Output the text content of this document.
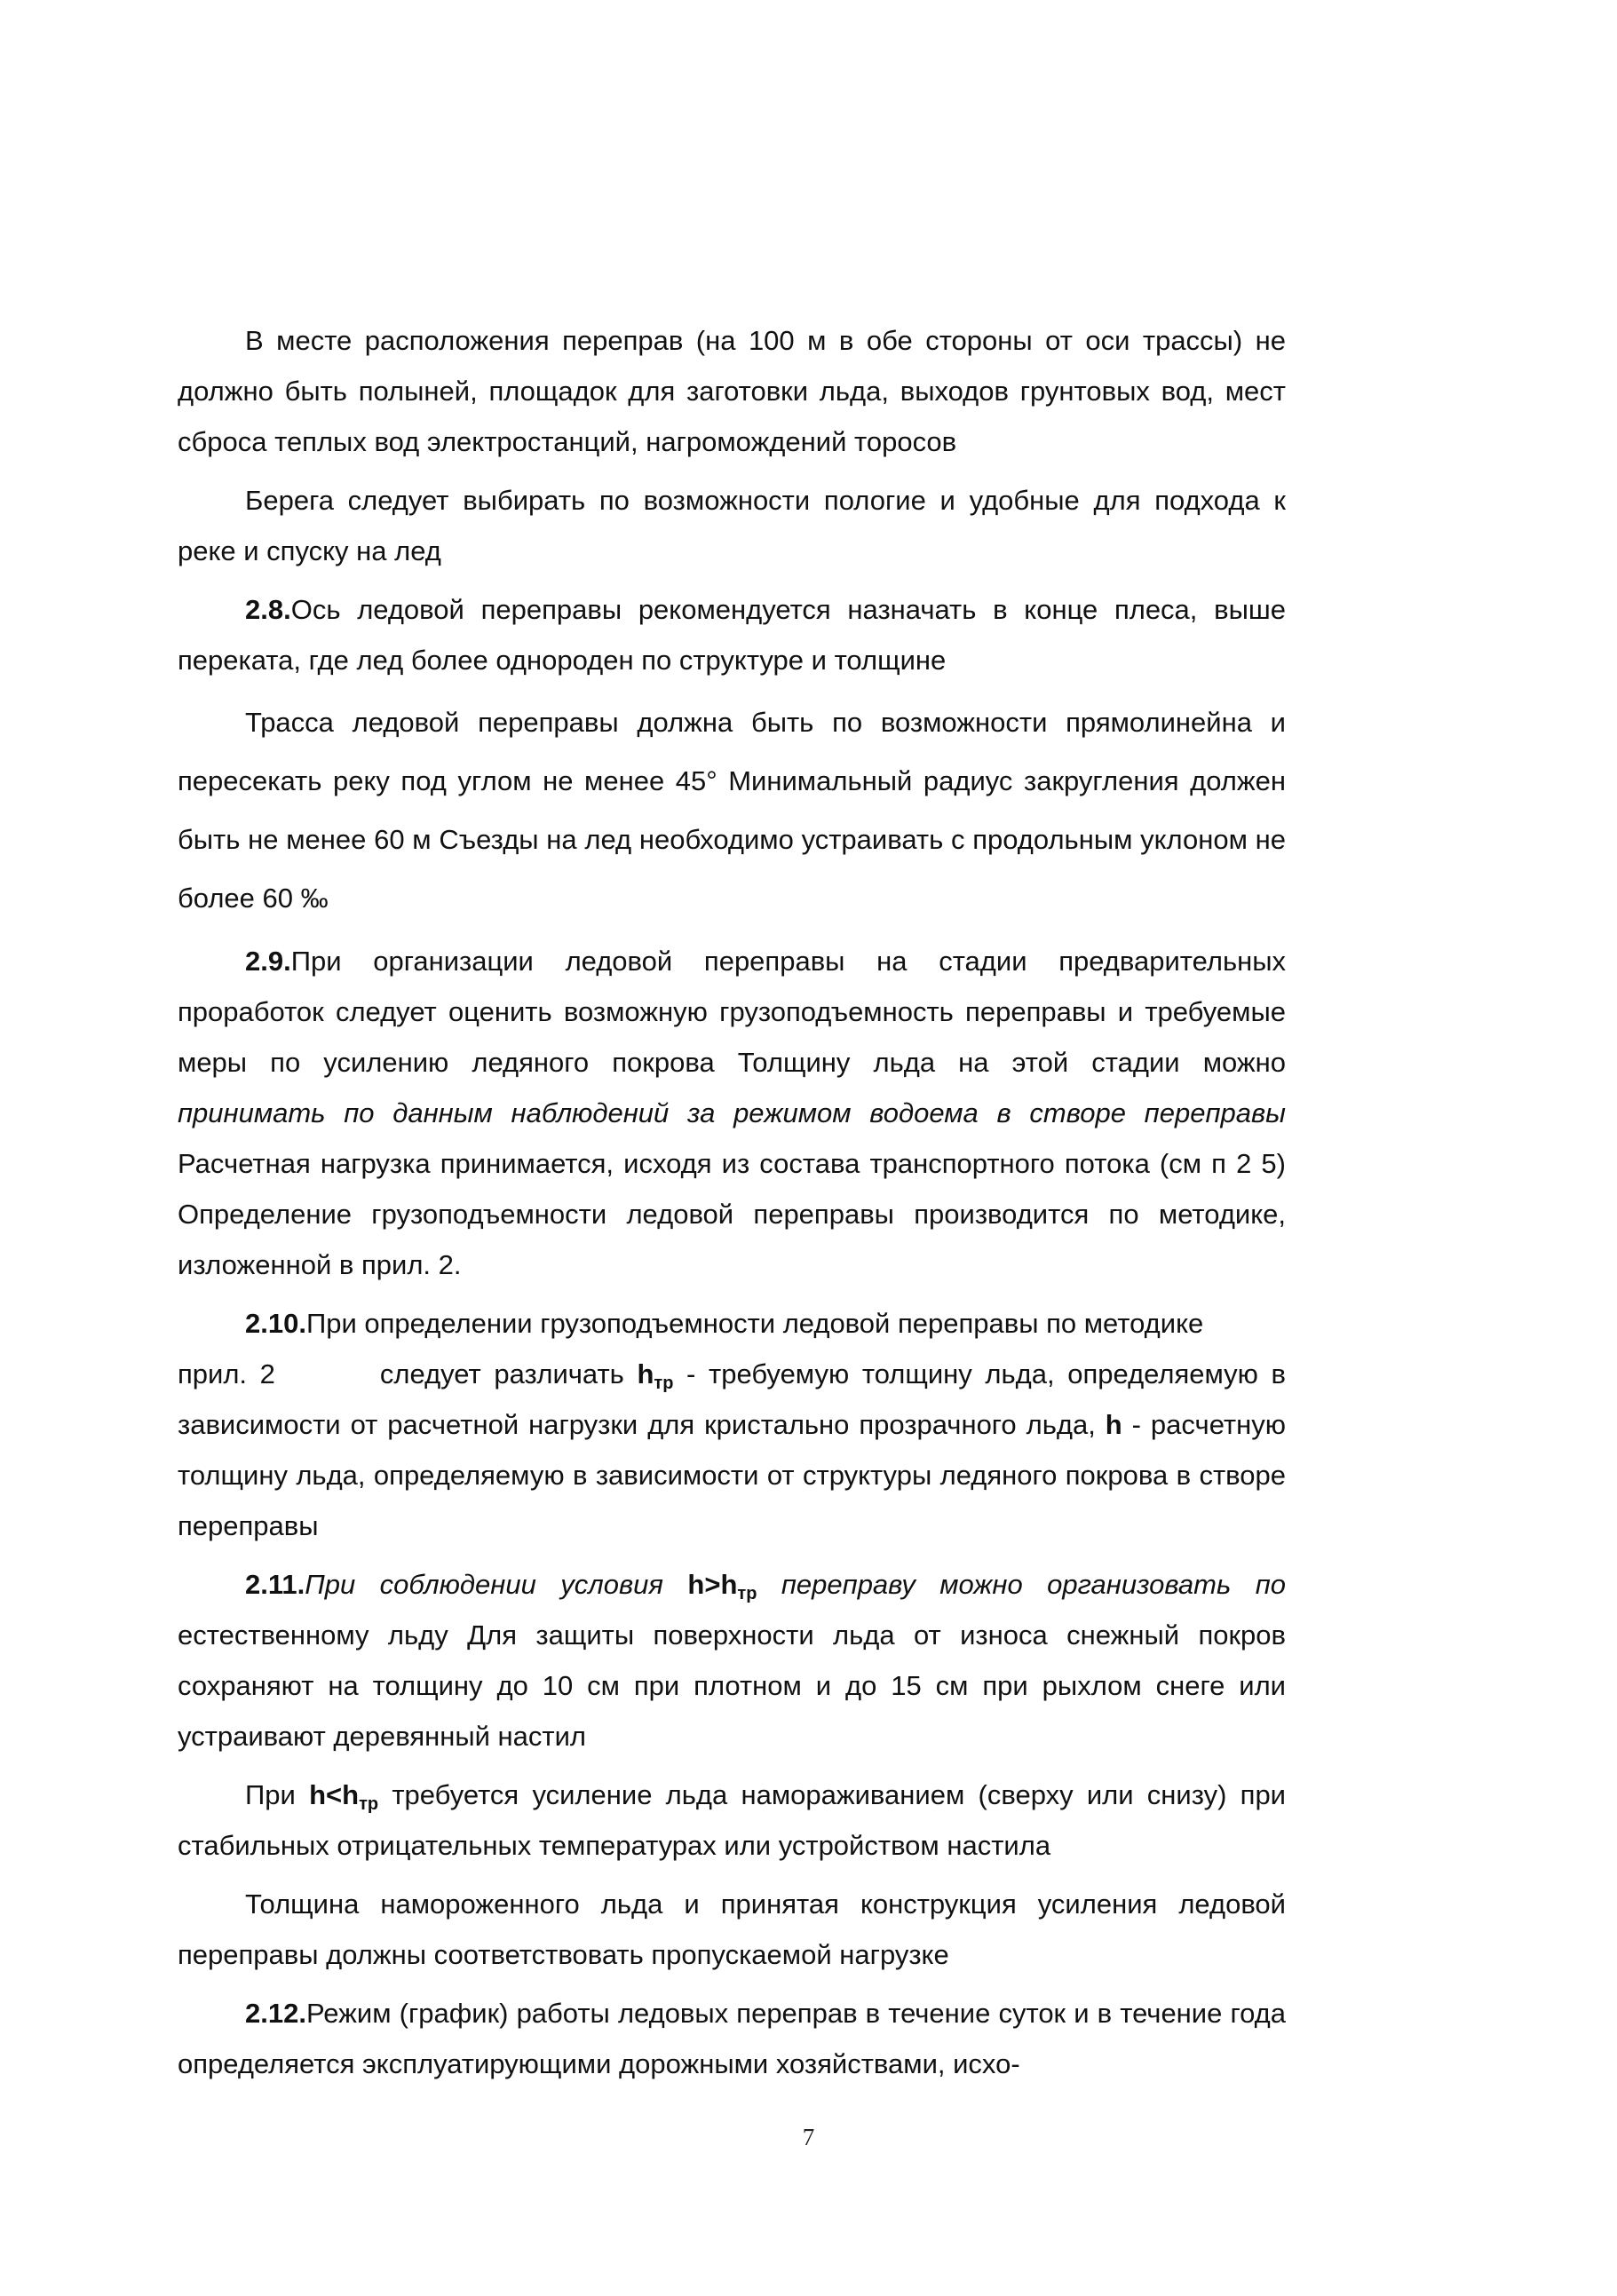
В месте расположения переправ (на 100 м в обе стороны от оси трассы) не должно быть полыней, площадок для заготовки льда, выходов грунтовых вод, мест сброса теплых вод электростанций, нагромождений торосов

Берега следует выбирать по возможности пологие и удобные для подхода к реке и спуску на лед

2.8.Ось ледовой переправы рекомендуется назначать в конце плеса, выше переката, где лед более однороден по структуре и толщине

Трасса ледовой переправы должна быть по возможности прямолинейна и пересекать реку под углом не менее 45° Минимальный радиус закругления должен быть не менее 60 м Съезды на лед необходимо устраивать с продольным уклоном не более 60 ‰

2.9.При организации ледовой переправы на стадии предварительных проработок следует оценить возможную грузоподъемность переправы и требуемые меры по усилению ледяного покрова Толщину льда на этой стадии можно принимать по данным наблюдений за режимом водоема в створе переправы Расчетная нагрузка принимается, исходя из состава транспортного потока (см п 2 5) Определение грузоподъемности ледовой переправы производится по методике, изложенной в прил. 2.

2.10.При определении грузоподъемности ледовой переправы по методике
прил. 2	следует различать $h_{тр}$ - требуемую толщину льда, определяемую в зависимости от расчетной нагрузки для кристально прозрачного льда, h - расчетную толщину льда, определяемую в зависимости от структуры ледяного покрова в створе переправы

2.11.При соблюдении условия $h>h_{тр}$ переправу можно организовать по естественному льду Для защиты поверхности льда от износа снежный покров сохраняют на толщину до 10 см при плотном и до 15 см при рыхлом снеге или устраивают деревянный настил

При $h<h_{тр}$ требуется усиление льда намораживанием (сверху или снизу) при стабильных отрицательных температурах или устройством настила

Толщина намороженного льда и принятая конструкция усиления ледовой переправы должны соответствовать пропускаемой нагрузке

2.12.Режим (график) работы ледовых переправ в течение суток и в течение года определяется эксплуатирующими дорожными хозяйствами, исхо-

7
